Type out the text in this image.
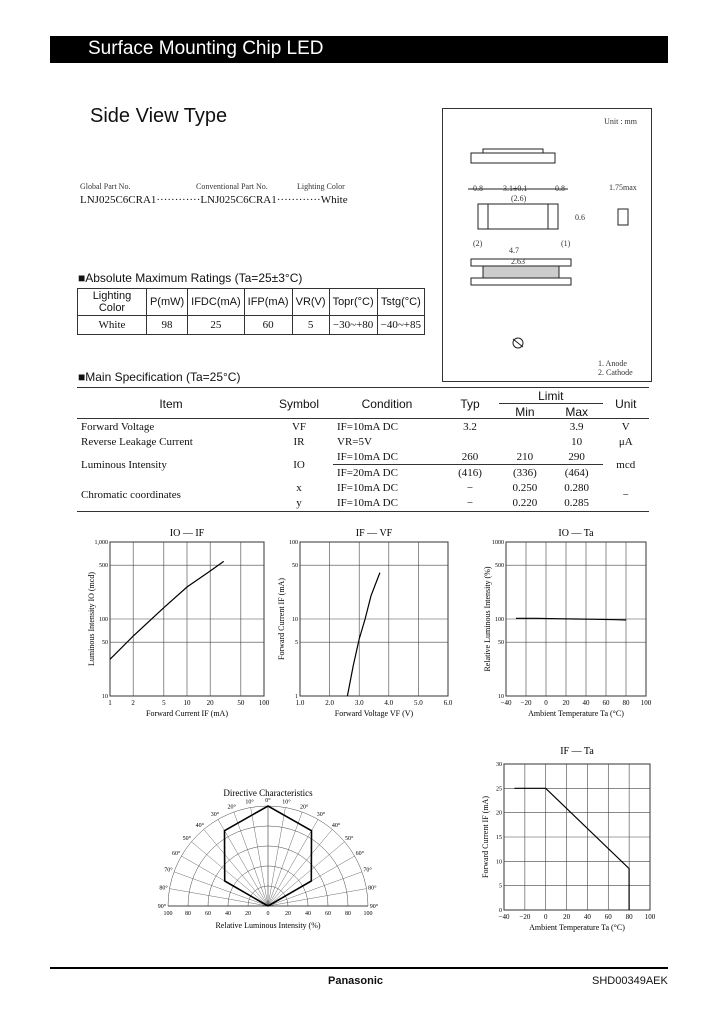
Surface Mounting Chip LED
Side View Type
Global Part No.	Conventional Part No.	Lighting Color
LNJ025C6CRA1············LNJ025C6CRA1············White
Unit : mm
0.8	3.1±0.1	0.8
(2.6)
0.6
1.75max
4.7
2.63
(2)	(1)
1. Anode
2. Cathode
■Absolute Maximum Ratings (Ta=25±3°C)
Lighting Color	P(mW)	IFDC(mA)	IFP(mA)	VR(V)	Topr(°C)	Tstg(°C)
White	98	25	60	5	−30~+80	−40~+85
■Main Specification (Ta=25°C)
Item	Symbol	Condition	Typ	Limit		Unit
				Min	Max	
Forward Voltage	VF	IF=10mA DC	3.2		3.9	V
Reverse Leakage Current	IR	VR=5V			10	μA
Luminous Intensity	IO	IF=10mA DC	260	210	290	mcd
		IF=20mA DC	(416)	(336)	(464)	
Chromatic coordinates	x	IF=10mA DC	−	0.250	0.280	−
	y	IF=10mA DC	−	0.220	0.285	
IO — IF
1	2	5	10 20	50 100
10
50
100
500
1,000
Forward Current IF (mA)
Luminous Intensity IO (mcd)
IF — VF
1.0	2.0	3.0	4.0	5.0	6.0
1
5
10
50
100
Forward Voltage VF (V)
Forward Current IF (mA)
IO — Ta
−40 −20 0 20 40 60 80 100
10
50
100
500
1000
Ambient Temperature Ta (°C)
Relative Luminous Intensity (%)
Directive Characteristics
0° 10°
10°
20°
20°
30°
30°
40°
40°
50°
50°
60°
60°
70°
70°
80°
80°
90°
90°
100 80 60 40 20	0	20 40 60 80 100
Relative Luminous Intensity (%)
IF — Ta
−40 −20 0 20 40 60 80 100
0
5
10
15
20
25
30
Ambient Temperature Ta (°C)
Forward Current IF (mA)
Panasonic	SHD00349AEK
